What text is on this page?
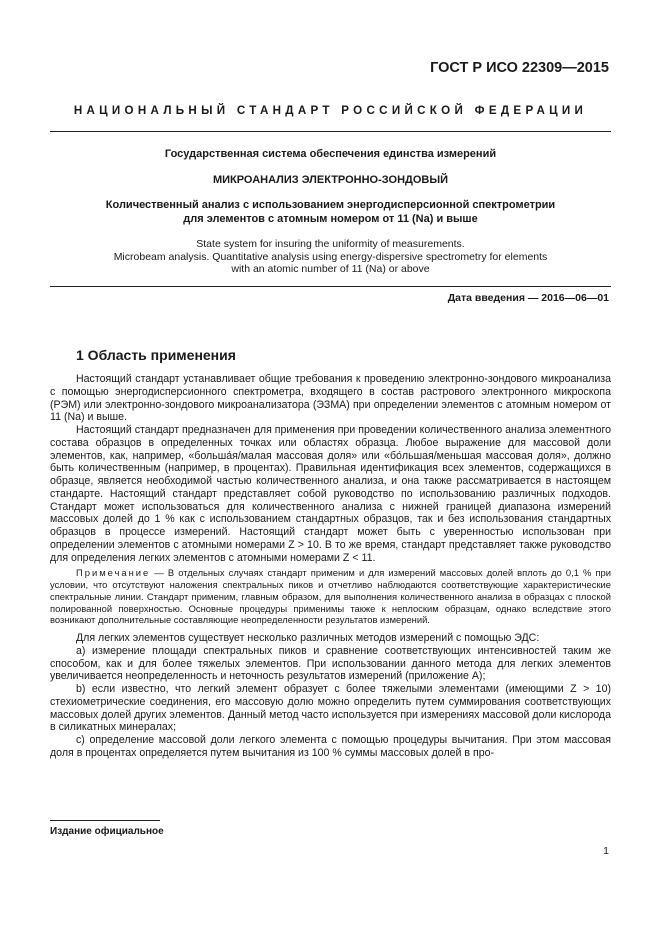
ГОСТ Р ИСО 22309—2015
НАЦИОНАЛЬНЫЙ СТАНДАРТ РОССИЙСКОЙ ФЕДЕРАЦИИ
Государственная система обеспечения единства измерений
МИКРОАНАЛИЗ ЭЛЕКТРОННО-ЗОНДОВЫЙ
Количественный анализ с использованием энергодисперсионной спектрометрии
для элементов с атомным номером от 11 (Na) и выше
State system for insuring the uniformity of measurements.
Microbeam analysis. Quantitative analysis using energy-dispersive spectrometry for elements
with an atomic number of 11 (Na) or above
Дата введения — 2016—06—01
1 Область применения

Настоящий стандарт устанавливает общие требования к проведению электронно-зондового микроанализа с помощью энергодисперсионного спектрометра, входящего в состав растрового электронного микроскопа (РЭМ) или электронно-зондового микроанализатора (ЭЗМА) при определении элементов с атомным номером от 11 (Na) и выше.

Настоящий стандарт предназначен для применения при проведении количественного анализа элементного состава образцов в определенных точках или областях образца. Любое выражение для массовой доли элементов, как, например, «больша́я/малая массовая доля» или «бо́льшая/меньшая массовая доля», должно быть количественным (например, в процентах). Правильная идентификация всех элементов, содержащихся в образце, является необходимой частью количественного анализа, и она также рассматривается в настоящем стандарте. Настоящий стандарт представляет собой руководство по использованию различных подходов. Стандарт может использоваться для количественного анализа с нижней границей диапазона измерений массовых долей до 1 % как с использованием стандартных образцов, так и без использования стандартных образцов в процессе измерений. Настоящий стандарт может быть с уверенностью использован при определении элементов с атомными номерами Z > 10. В то же время, стандарт представляет также руководство для определения легких элементов с атомными номерами Z < 11.

Примечание — В отдельных случаях стандарт применим и для измерений массовых долей вплоть до 0,1 % при условии, что отсутствуют наложения спектральных пиков и отчетливо наблюдаются соответствующие характеристические спектральные линии. Стандарт применим, главным образом, для выполнения количественного анализа в образцах с плоской полированной поверхностью. Основные процедуры применимы также к неплоским образцам, однако вследствие этого возникают дополнительные составляющие неопределенности результатов измерений.

Для легких элементов существует несколько различных методов измерений с помощью ЭДС:

а) измерение площади спектральных пиков и сравнение соответствующих интенсивностей таким же способом, как и для более тяжелых элементов. При использовании данного метода для легких элементов увеличивается неопределенность и неточность результатов измерений (приложение А);

b) если известно, что легкий элемент образует с более тяжелыми элементами (имеющими Z > 10) стехиометрические соединения, его массовую долю можно определить путем суммирования соответствующих массовых долей других элементов. Данный метод часто используется при измерениях массовой доли кислорода в силикатных минералах;

с) определение массовой доли легкого элемента с помощью процедуры вычитания. При этом массовая доля в процентах определяется путем вычитания из 100 % суммы массовых долей в про-

Издание официальное
1
